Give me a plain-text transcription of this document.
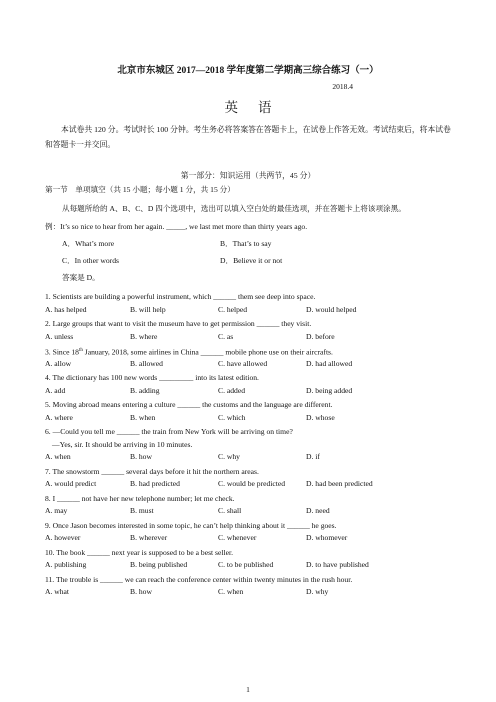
北京市东城区 2017—2018 学年度第二学期高三综合练习（一）
2018.4
英语
本试卷共 120 分。考试时长 100 分钟。考生务必将答案答在答题卡上，在试卷上作答无效。考试结束后，将本试卷和答题卡一并交回。
第一部分：知识运用（共两节，45 分）
第一节　单项填空（共 15 小题；每小题 1 分，共 15 分）
从每题所给的 A、B、C、D 四个选项中，选出可以填入空白处的最佳选项，并在答题卡上将该项涂黑。
例：It’s so nice to hear from her again. _____, we last met more than thirty years ago.
A．What’s more	B．That’s to say
C．In other words	D．Believe it or not
答案是 D。
1. Scientists are building a powerful instrument, which ______ them see deep into space.
A. has helped	B. will help	C. helped	D. would helped
2. Large groups that want to visit the museum have to get permission ______ they visit.
A. unless	B. where	C. as	D. before
3. Since 18th January, 2018, some airlines in China ______ mobile phone use on their aircrafts.
A. allow	B. allowed	C. have allowed	D. had allowed
4. The dictionary has 100 new words _________ into its latest edition.
A. add	B. adding	C. added	D. being added
5. Moving abroad means entering a culture ______ the customs and the language are different.
A. where	B. when	C. which	D. whose
6. —Could you tell me ______ the train from New York will be arriving on time?
—Yes, sir. It should be arriving in 10 minutes.
A. when	B. how	C. why	D. if
7. The snowstorm ______ several days before it hit the northern areas.
A. would predict	B. had predicted	C. would be predicted	D. had been predicted
8. I ______ not have her new telephone number; let me check.
A. may	B. must	C. shall	D. need
9. Once Jason becomes interested in some topic, he can’t help thinking about it ______ he goes.
A. however	B. wherever	C. whenever	D. whomever
10. The book ______ next year is supposed to be a best seller.
A. publishing	B. being published	C. to be published	D. to have published
11. The trouble is ______ we can reach the conference center within twenty minutes in the rush hour.
A. what	B. how	C. when	D. why
1
